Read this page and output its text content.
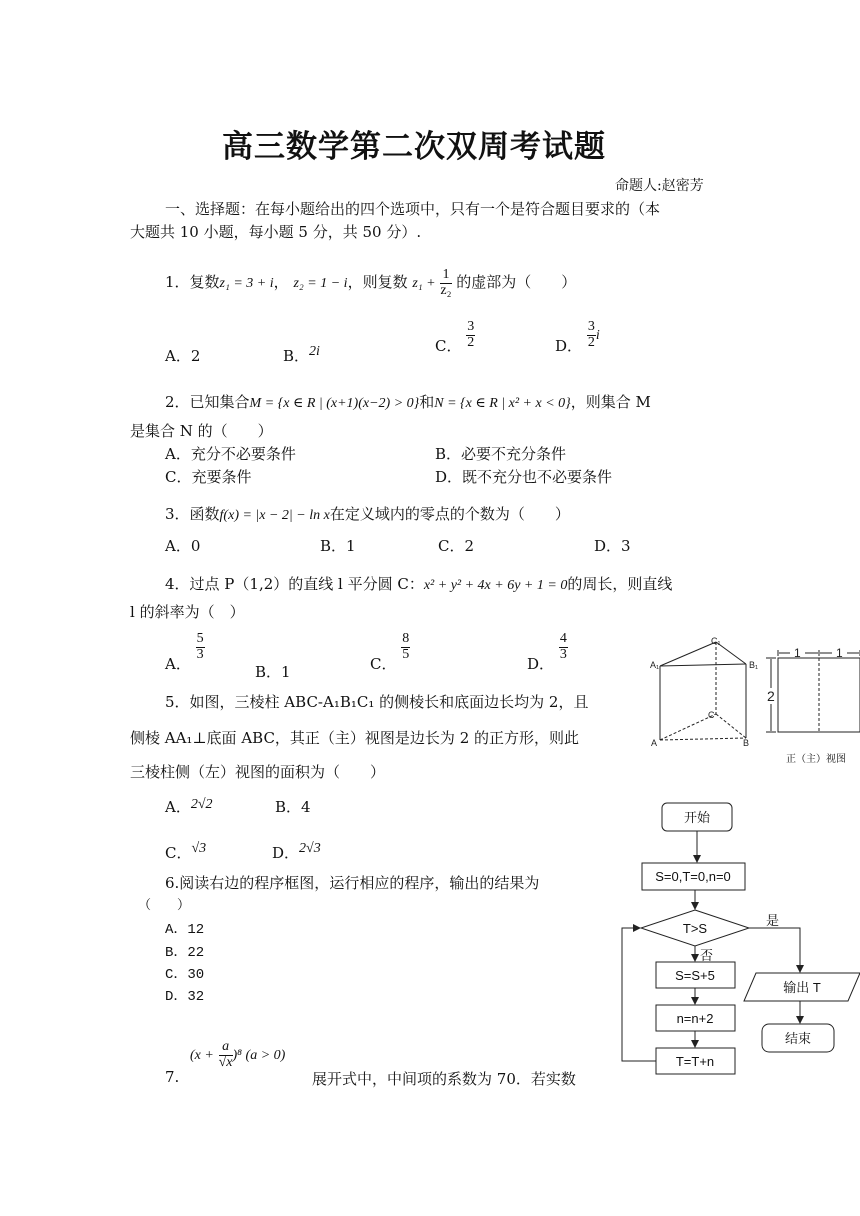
高三数学第二次双周考试题
命题人:赵密芳
一、选择题：在每小题给出的四个选项中，只有一个是符合题目要求的（本
大题共 10 小题，每小题 5 分，共 50 分）.
1．复数z₁ = 3 + i， z₂ = 1 − i，则复数 $z_1 + \frac{1}{\text{z₂}}$ 的虚部为（　　）
A．2	B．2i	C． $\frac{3}{2}$	D． $\frac{3}{2}$ i
2．已知集合M = {x ∈ R | (x+1)(x−2) > 0}和N = {x ∈ R | x² + x < 0}，则集合 M
是集合 N 的（　　）
A．充分不必要条件	B．必要不充分条件
C．充要条件	D．既不充分也不必要条件
3．函数f(x) = |x − 2| − ln x在定义域内的零点的个数为（　　）
A．0	B．1	C．2	D．3
4．过点 P（1,2）的直线 l 平分圆 C：x² + y² + 4x + 6y + 1 = 0的周长，则直线
l 的斜率为（　）
A．
$\frac{5}{3}$
B．1	C．
$\frac{8}{5}$
D．
$\frac{4}{3}$
5．如图，三棱柱 ABC-A₁B₁C₁ 的侧棱长和底面边长均为 2，且
侧棱 AA₁⊥底面 ABC，其正（主）视图是边长为 2 的正方形，则此
三棱柱侧（左）视图的面积为（　　）
A．2√2	B．4
C．√3	D．2√3
A₁
C₁
B₁
A
C
B
1	1
2
正（主）视图
6.阅读右边的程序框图，运行相应的程序，输出的结果为
（　　）
A．12
B．22
C．30
D．32
开始
S=0,T=0,n=0
T>S
是
否
S=S+5
n=n+2
T=T+n
输出 T
结束
7.
$(x + \frac{a}{√x} )^8$ (a > 0)
展开式中，中间项的系数为 70．若实数
